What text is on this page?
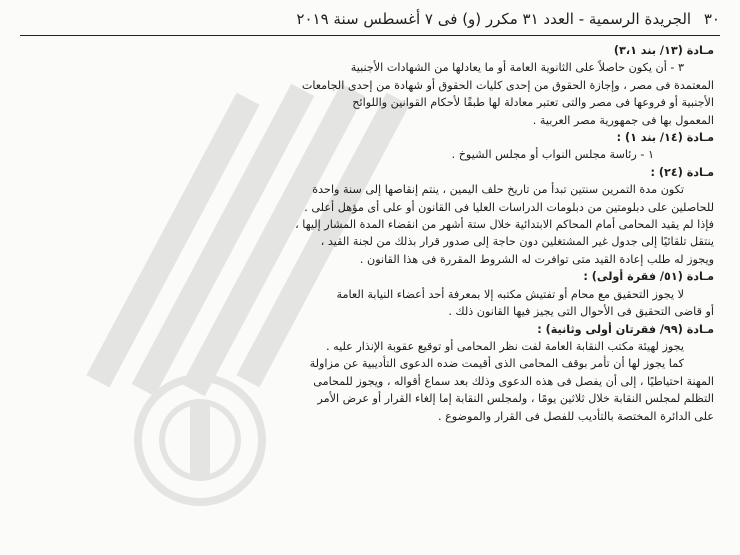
٣٠ الجريدة الرسمية - العدد ٣١ مكرر (و) فى ٧ أغسطس سنة ٢٠١٩

مـادة (١٣/ بند ٣،١)

٣ - أن يكون حاصلاً على الثانوية العامة أو ما يعادلها من الشهادات الأجنبية

المعتمدة فى مصر ، وإجازة الحقوق من إحدى كليات الحقوق أو شهادة من إحدى الجامعات

الأجنبية أو فروعها فى مصر والتى تعتبر معادلة لها طبقًا لأحكام القوانين واللوائح

المعمول بها فى جمهورية مصر العربية .

مـادة (١٤/ بند ١) :

١ - رئاسة مجلس النواب أو مجلس الشيوخ .

مـادة (٢٤) :

تكون مدة التمرين سنتين تبدأ من تاريخ حلف اليمين ، ينتم إنقاصها إلى سنة واحدة

للحاصلين على دبلومتين من دبلومات الدراسات العليا فى القانون أو على أى مؤهل أعلى .

فإذا لم يقيد المحامى أمام المحاكم الابتدائية خلال ستة أشهر من انقضاء المدة المشار إليها ،

ينتقل تلقائيًا إلى جدول غير المشتغلين دون حاجة إلى صدور قرار بذلك من لجنة القيد ،

ويجوز له طلب إعادة القيد متى توافرت له الشروط المقررة فى هذا القانون .

مـادة (٥١/ فقرة أولى) :

لا يجوز التحقيق مع محام أو تفتيش مكتبه إلا بمعرفة أحد أعضاء النيابة العامة

أو قاضى التحقيق فى الأحوال التى يجيز فيها القانون ذلك .

مـادة (٩٩/ فقرتان أولى وثانية) :

يجوز لهيئة مكتب النقابة العامة لفت نظر المحامى أو توقيع عقوبة الإنذار عليه .

كما يجوز لها أن تأمر بوقف المحامى الذى أقيمت ضده الدعوى التأديبية عن مزاولة

المهنة احتياطيًا ، إلى أن يفصل فى هذه الدعوى وذلك بعد سماع أقواله ، ويجوز للمحامى

التظلم لمجلس النقابة خلال ثلاثين يومًا ، ولمجلس النقابة إما إلغاء القرار أو عرض الأمر

على الدائرة المختصة بالتأديب للفصل فى القرار والموضوع .
